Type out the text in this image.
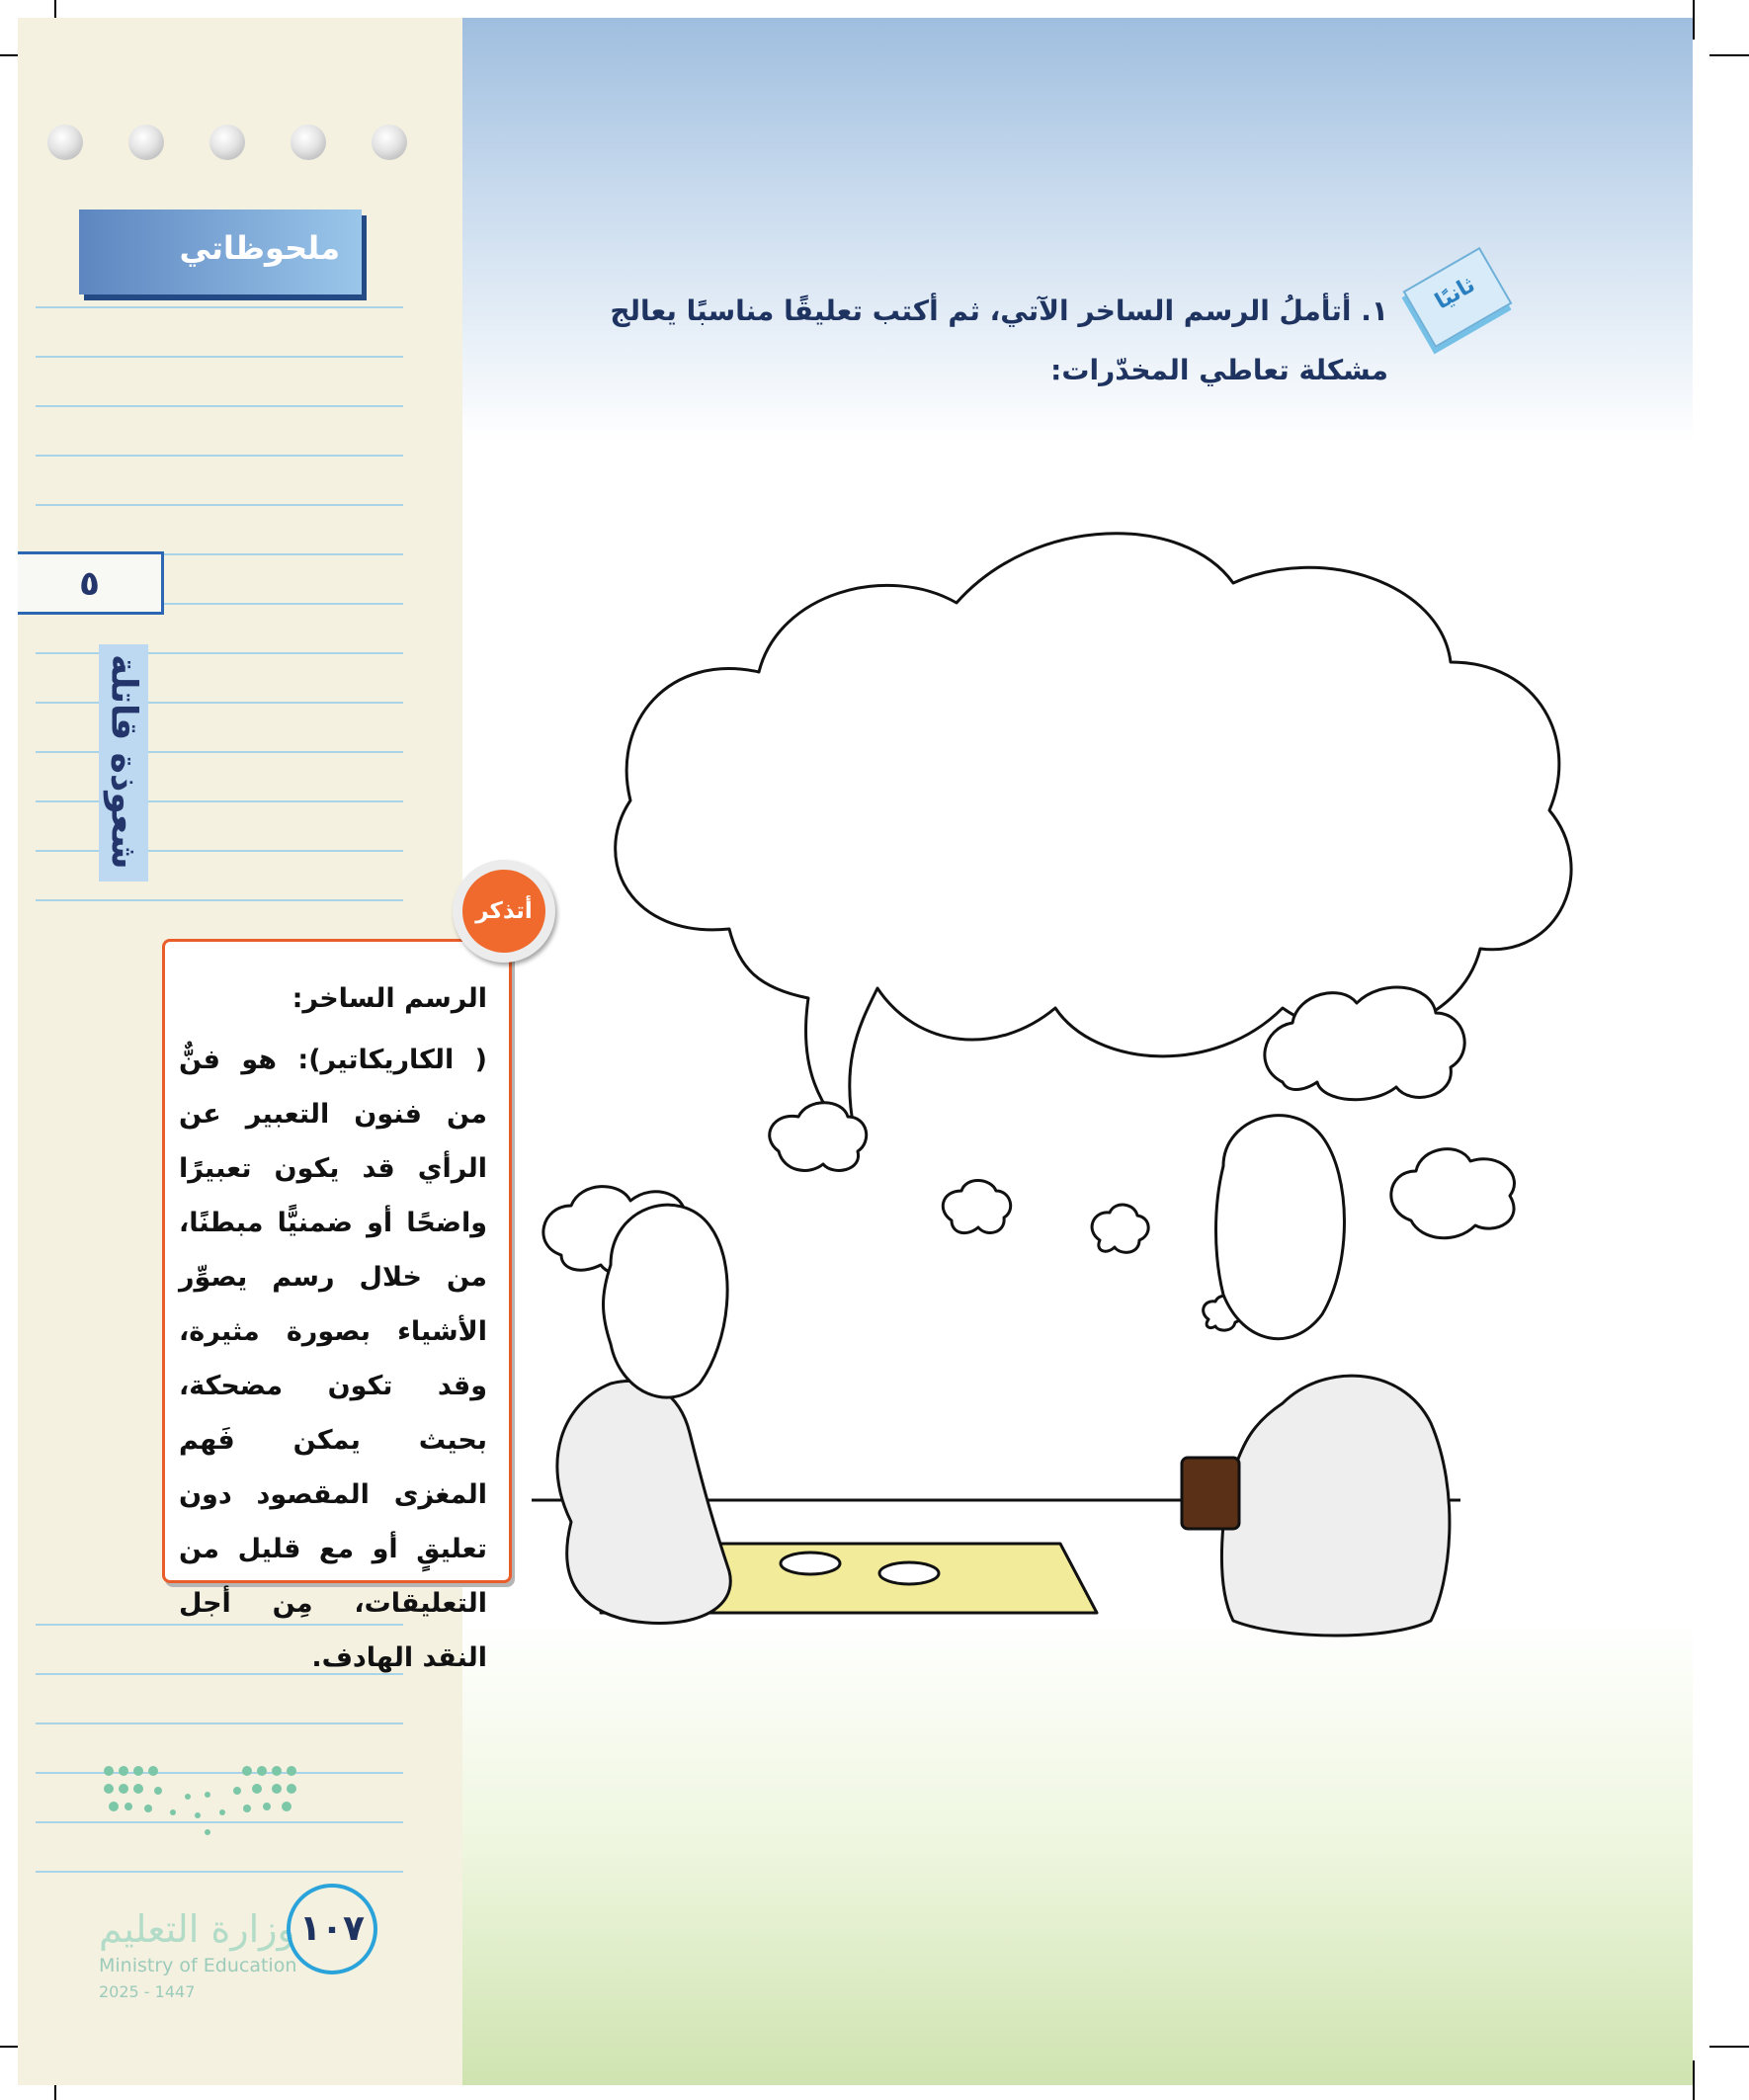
ملحوظاتي
٥
شعوذة قاتلة
الرسم الساخر:
( الكاريكاتير): هو فنٌّ من فنون التعبير عن الرأي قد يكون تعبيرًا واضحًا أو ضمنيًّا مبطنًا، من خلال رسم يصوِّر الأشياء بصورة مثيرة، وقد تكون مضحكة، بحيث يمكن فَهم المغزى المقصود دون تعليقٍ أو مع قليل من التعليقات، مِن أجل النقد الهادف.
أتذكر
ثانيًا
١. أتأملُ الرسم الساخر الآتي، ثم أكتب تعليقًا مناسبًا يعالج مشكلة تعاطي المخدّرات:
وزارة التعليم
Ministry of Education
2025 - 1447
١٠٧
